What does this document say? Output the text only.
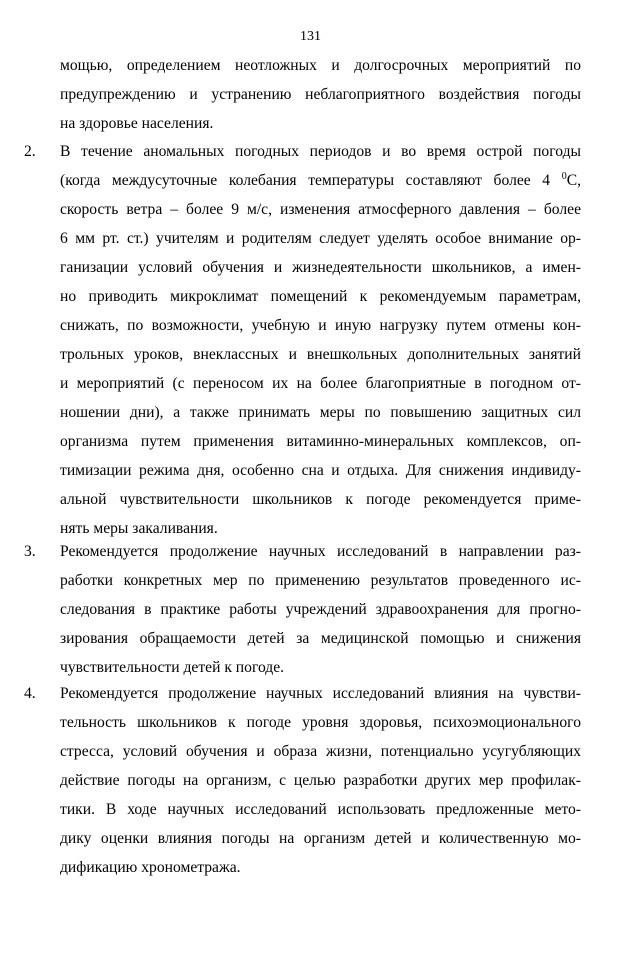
131
мощью, определением неотложных и долгосрочных мероприятий по
предупреждению и устранению неблагоприятного воздействия погоды
на здоровье населения.
2.	В течение аномальных погодных периодов и во время острой погоды
(когда междусуточные колебания температуры составляют более 4 $^0$С,
скорость ветра – более 9 м/с, изменения атмосферного давления – более
6 мм рт. ст.) учителям и родителям следует уделять особое внимание ор-
ганизации условий обучения и жизнедеятельности школьников, а имен-
но приводить микроклимат помещений к рекомендуемым параметрам,
снижать, по возможности, учебную и иную нагрузку путем отмены кон-
трольных уроков, внеклассных и внешкольных дополнительных занятий
и мероприятий (с переносом их на более благоприятные в погодном от-
ношении дни), а также принимать меры по повышению защитных сил
организма путем применения витаминно-минеральных комплексов, оп-
тимизации режима дня, особенно сна и отдыха. Для снижения индивиду-
альной чувствительности школьников к погоде рекомендуется приме-
нять меры закаливания.
3.	Рекомендуется продолжение научных исследований в направлении раз-
работки конкретных мер по применению результатов проведенного ис-
следования в практике работы учреждений здравоохранения для прогно-
зирования обращаемости детей за медицинской помощью и снижения
чувствительности детей к погоде.
4.	Рекомендуется продолжение научных исследований влияния на чувстви-
тельность школьников к погоде уровня здоровья, психоэмоционального
стресса, условий обучения и образа жизни, потенциально усугубляющих
действие погоды на организм, с целью разработки других мер профилак-
тики. В ходе научных исследований использовать предложенные мето-
дику оценки влияния погоды на организм детей и количественную мо-
дификацию хронометража.
